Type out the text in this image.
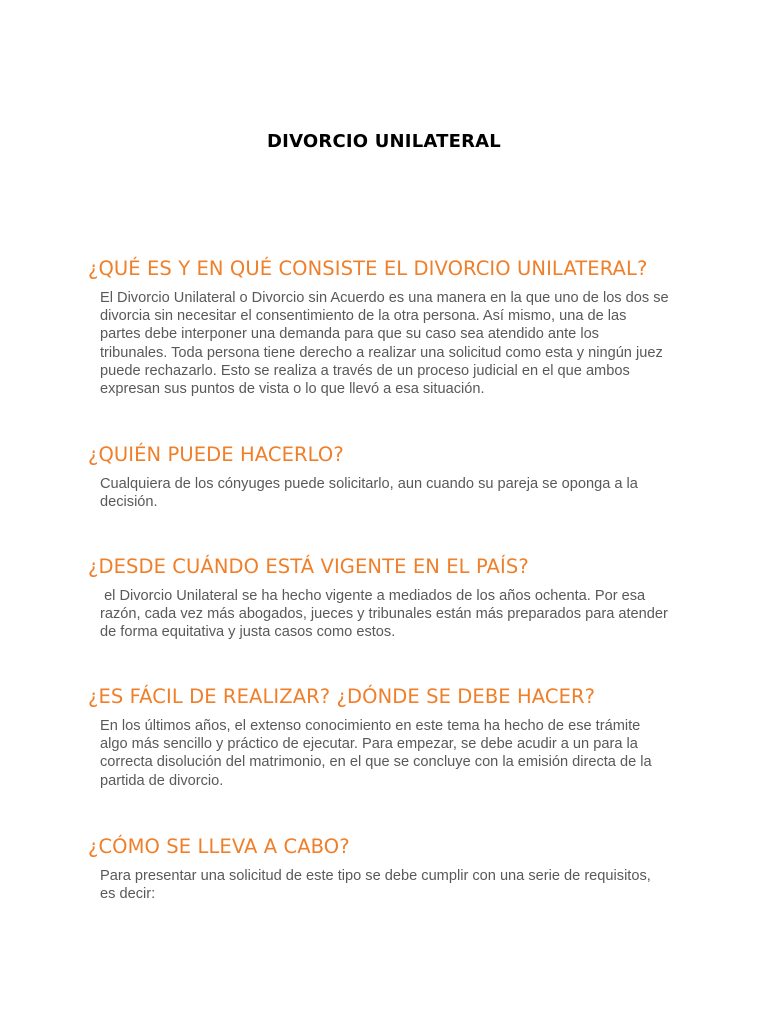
DIVORCIO UNILATERAL
¿QUÉ ES Y EN QUÉ CONSISTE EL DIVORCIO UNILATERAL?

El Divorcio Unilateral o Divorcio sin Acuerdo es una manera en la que uno de los dos se divorcia sin necesitar el consentimiento de la otra persona. Así mismo, una de las partes debe interponer una demanda para que su caso sea atendido ante los tribunales. Toda persona tiene derecho a realizar una solicitud como esta y ningún juez puede rechazarlo. Esto se realiza a través de un proceso judicial en el que ambos expresan sus puntos de vista o lo que llevó a esa situación.

¿QUIÉN PUEDE HACERLO?

Cualquiera de los cónyuges puede solicitarlo, aun cuando su pareja se oponga a la decisión.

¿DESDE CUÁNDO ESTÁ VIGENTE EN EL PAÍS?

el Divorcio Unilateral se ha hecho vigente a mediados de los años ochenta. Por esa razón, cada vez más abogados, jueces y tribunales están más preparados para atender de forma equitativa y justa casos como estos.

¿ES FÁCIL DE REALIZAR? ¿DÓNDE SE DEBE HACER?

En los últimos años, el extenso conocimiento en este tema ha hecho de ese trámite algo más sencillo y práctico de ejecutar. Para empezar, se debe acudir a un para la correcta disolución del matrimonio, en el que se concluye con la emisión directa de la partida de divorcio.

¿CÓMO SE LLEVA A CABO?

Para presentar una solicitud de este tipo se debe cumplir con una serie de requisitos, es decir:
